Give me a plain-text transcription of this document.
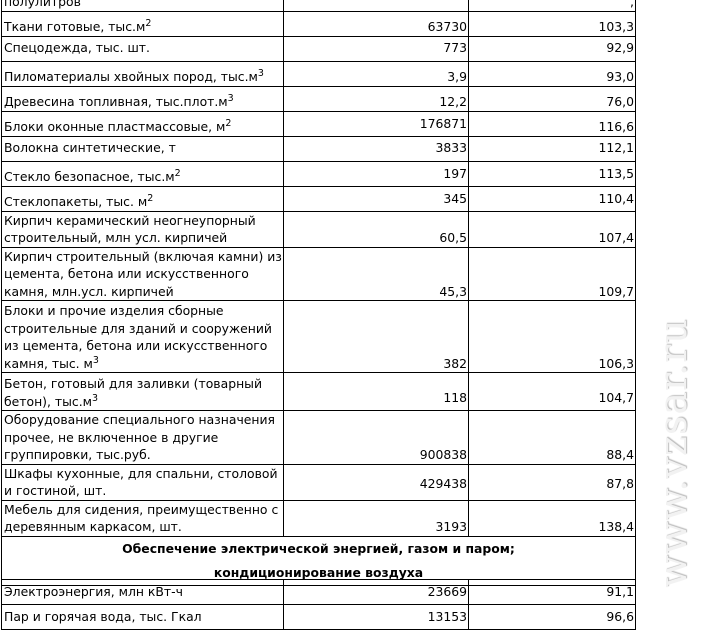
полулитров		,
Ткани готовые, $тыс.м^2$	63730	103,3
Спецодежда, тыс. шт.	773	92,9
Пиломатериалы хвойных пород, $тыс.м^3$	3,9	93,0
Древесина топливная, $тыс.плот.м^3$	12,2	76,0
Блоки оконные пластмассовые, $м^2$	176871	116,6
Волокна синтетические, т	3833	112,1
Стекло безопасное, $тыс.м^2$	197	113,5
Стеклопакеты, тыс. $м^2$	345	110,4
Кирпич керамический неогнеупорный строительный, млн усл. кирпичей	60,5	107,4
Кирпич строительный (включая камни) из цемента, бетона или искусственного камня, млн.усл. кирпичей	45,3	109,7
Блоки и прочие изделия сборные строительные для зданий и сооружений из цемента, бетона или искусственного камня, тыс. $м^3$	382	106,3
Бетон, готовый для заливки (товарный бетон), $тыс.м^3$	118	104,7
Оборудование специального назначения прочее, не включенное в другие группировки, тыс.руб.	900838	88,4
Шкафы кухонные, для спальни, столовой и гостиной, шт.	429438	87,8
Мебель для сидения, преимущественно с деревянным каркасом, шт.	3193	138,4

Обеспечение электрической энергией, газом и паром;
кондиционирование воздуха		
Электроэнергия, млн кВт-ч	23669	91,1
Пар и горячая вода, тыс. Гкал	13153	96,6
www.vzsar.ru
